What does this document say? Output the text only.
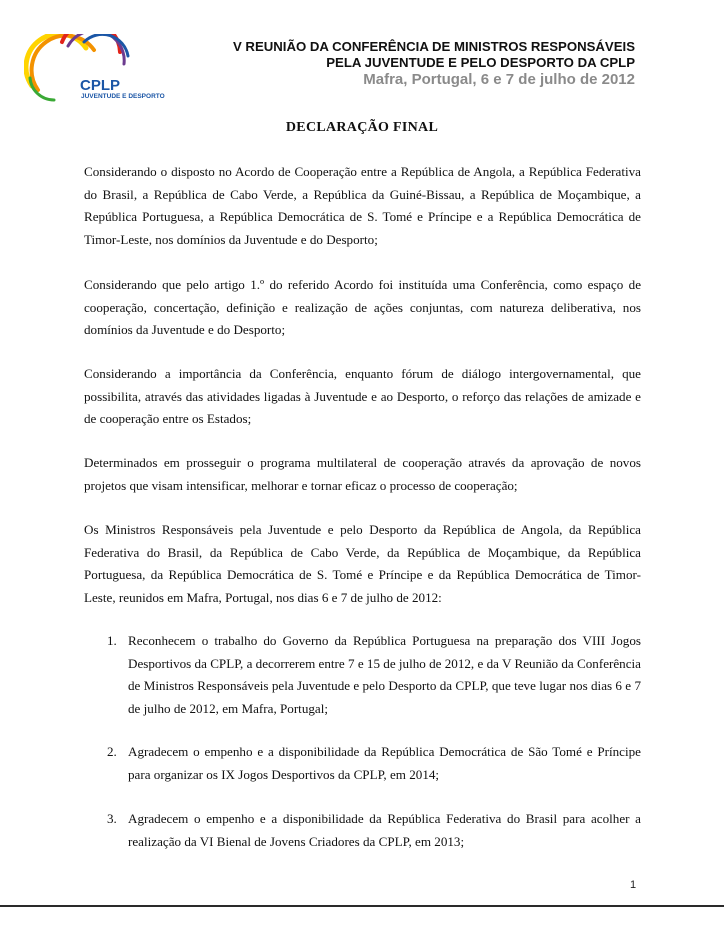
CPLP
JUVENTUDE E DESPORTO
V REUNIÃO DA CONFERÊNCIA DE MINISTROS RESPONSÁVEIS
PELA JUVENTUDE E PELO DESPORTO DA CPLP
Mafra, Portugal, 6 e 7 de julho de 2012
DECLARAÇÃO FINAL

Considerando o disposto no Acordo de Cooperação entre a República de Angola, a República Federativa do Brasil, a República de Cabo Verde, a República da Guiné-Bissau, a República de Moçambique, a República Portuguesa, a República Democrática de S. Tomé e Príncipe e a República Democrática de Timor-Leste, nos domínios da Juventude e do Desporto;

Considerando que pelo artigo 1.º do referido Acordo foi instituída uma Conferência, como espaço de cooperação, concertação, definição e realização de ações conjuntas, com natureza deliberativa, nos domínios da Juventude e do Desporto;

Considerando a importância da Conferência, enquanto fórum de diálogo intergovernamental, que possibilita, através das atividades ligadas à Juventude e ao Desporto, o reforço das relações de amizade e de cooperação entre os Estados;

Determinados em prosseguir o programa multilateral de cooperação através da aprovação de novos projetos que visam intensificar, melhorar e tornar eficaz o processo de cooperação;

Os Ministros Responsáveis pela Juventude e pelo Desporto da República de Angola, da República Federativa do Brasil, da República de Cabo Verde, da República de Moçambique, da República Portuguesa, da República Democrática de S. Tomé e Príncipe e da República Democrática de Timor-Leste, reunidos em Mafra, Portugal, nos dias 6 e 7 de julho de 2012:

1. Reconhecem o trabalho do Governo da República Portuguesa na preparação dos VIII Jogos Desportivos da CPLP, a decorrerem entre 7 e 15 de julho de 2012, e da V Reunião da Conferência de Ministros Responsáveis pela Juventude e pelo Desporto da CPLP, que teve lugar nos dias 6 e 7 de julho de 2012, em Mafra, Portugal;
2. Agradecem o empenho e a disponibilidade da República Democrática de São Tomé e Príncipe para organizar os IX Jogos Desportivos da CPLP, em 2014;
3. Agradecem o empenho e a disponibilidade da República Federativa do Brasil para acolher a realização da VI Bienal de Jovens Criadores da CPLP, em 2013;
1
